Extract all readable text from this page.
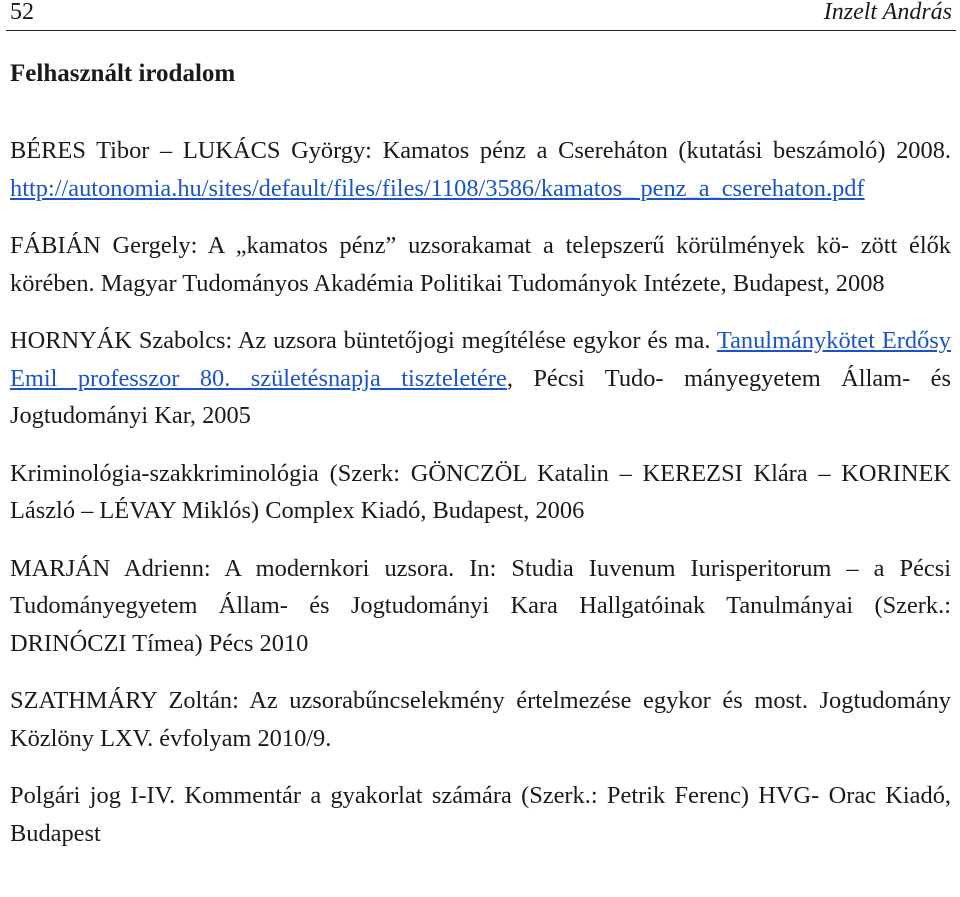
52	Inzelt András
Felhasznált irodalom

BÉRES Tibor – LUKÁCS György: Kamatos pénz a Csereháton (kutatási beszámoló) 2008. http://autonomia.hu/sites/default/files/files/1108/3586/kamatos_ penz_a_cserehaton.pdf

FÁBIÁN Gergely: A „kamatos pénz” uzsorakamat a telepszerű körülmények kö- zött élők körében. Magyar Tudományos Akadémia Politikai Tudományok Intézete, Budapest, 2008

HORNYÁK Szabolcs: Az uzsora büntetőjogi megítélése egykor és ma. Tanulmánykötet Erdősy Emil professzor 80. születésnapja tiszteletére, Pécsi Tudo- mányegyetem Állam- és Jogtudományi Kar, 2005

Kriminológia-szakkriminológia (Szerk: GÖNCZÖL Katalin – KEREZSI Klára – KORINEK László – LÉVAY Miklós) Complex Kiadó, Budapest, 2006

MARJÁN Adrienn: A modernkori uzsora. In: Studia Iuvenum Iurisperitorum – a Pécsi Tudományegyetem Állam- és Jogtudományi Kara Hallgatóinak Tanulmányai (Szerk.: DRINÓCZI Tímea) Pécs 2010

SZATHMÁRY Zoltán: Az uzsorabűncselekmény értelmezése egykor és most. Jogtudomány Közlöny LXV. évfolyam 2010/9.

Polgári jog I-IV. Kommentár a gyakorlat számára (Szerk.: Petrik Ferenc) HVG- Orac Kiadó, Budapest
